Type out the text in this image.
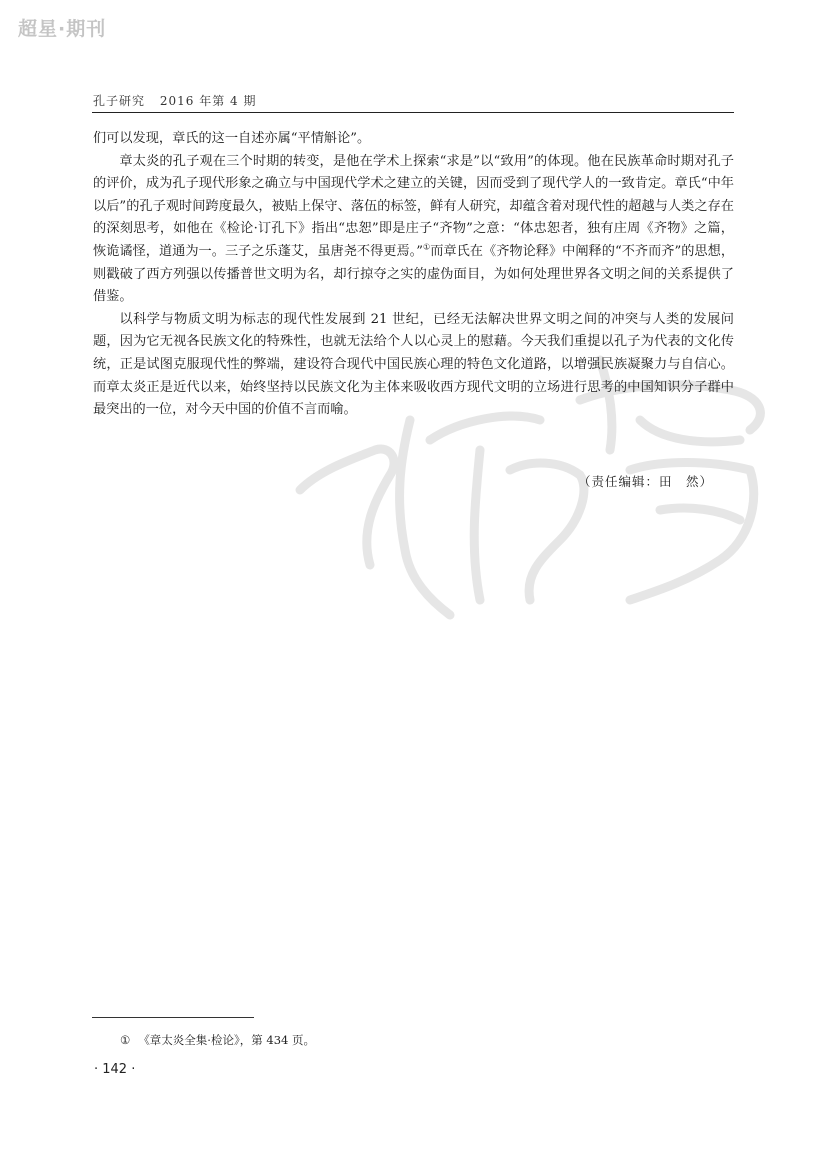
超星·期刊
孔子研究 2016 年第 4 期

们可以发现，章氏的这一自述亦属“平情斛论”。

章太炎的孔子观在三个时期的转变，是他在学术上探索“求是”以“致用”的体现。他在民族革命时期对孔子的评价，成为孔子现代形象之确立与中国现代学术之建立的关键，因而受到了现代学人的一致肯定。章氏“中年以后”的孔子观时间跨度最久，被贴上保守、落伍的标签，鲜有人研究，却蕴含着对现代性的超越与人类之存在的深刻思考，如他在《检论·订孔下》指出“忠恕”即是庄子“齐物”之意：“体忠恕者，独有庄周《齐物》之篇，恢诡谲怪，道通为一。三子之乐蓬艾，虽唐尧不得更焉。”①而章氏在《齐物论释》中阐释的“不齐而齐”的思想，则戳破了西方列强以传播普世文明为名，却行掠夺之实的虚伪面目，为如何处理世界各文明之间的关系提供了借鉴。

以科学与物质文明为标志的现代性发展到 21 世纪，已经无法解决世界文明之间的冲突与人类的发展问题，因为它无视各民族文化的特殊性，也就无法给个人以心灵上的慰藉。今天我们重提以孔子为代表的文化传统，正是试图克服现代性的弊端，建设符合现代中国民族心理的特色文化道路，以增强民族凝聚力与自信心。而章太炎正是近代以来，始终坚持以民族文化为主体来吸收西方现代文明的立场进行思考的中国知识分子群中最突出的一位，对今天中国的价值不言而喻。

（责任编辑：田　然）
① 《章太炎全集·检论》，第 434 页。
· 142 ·
